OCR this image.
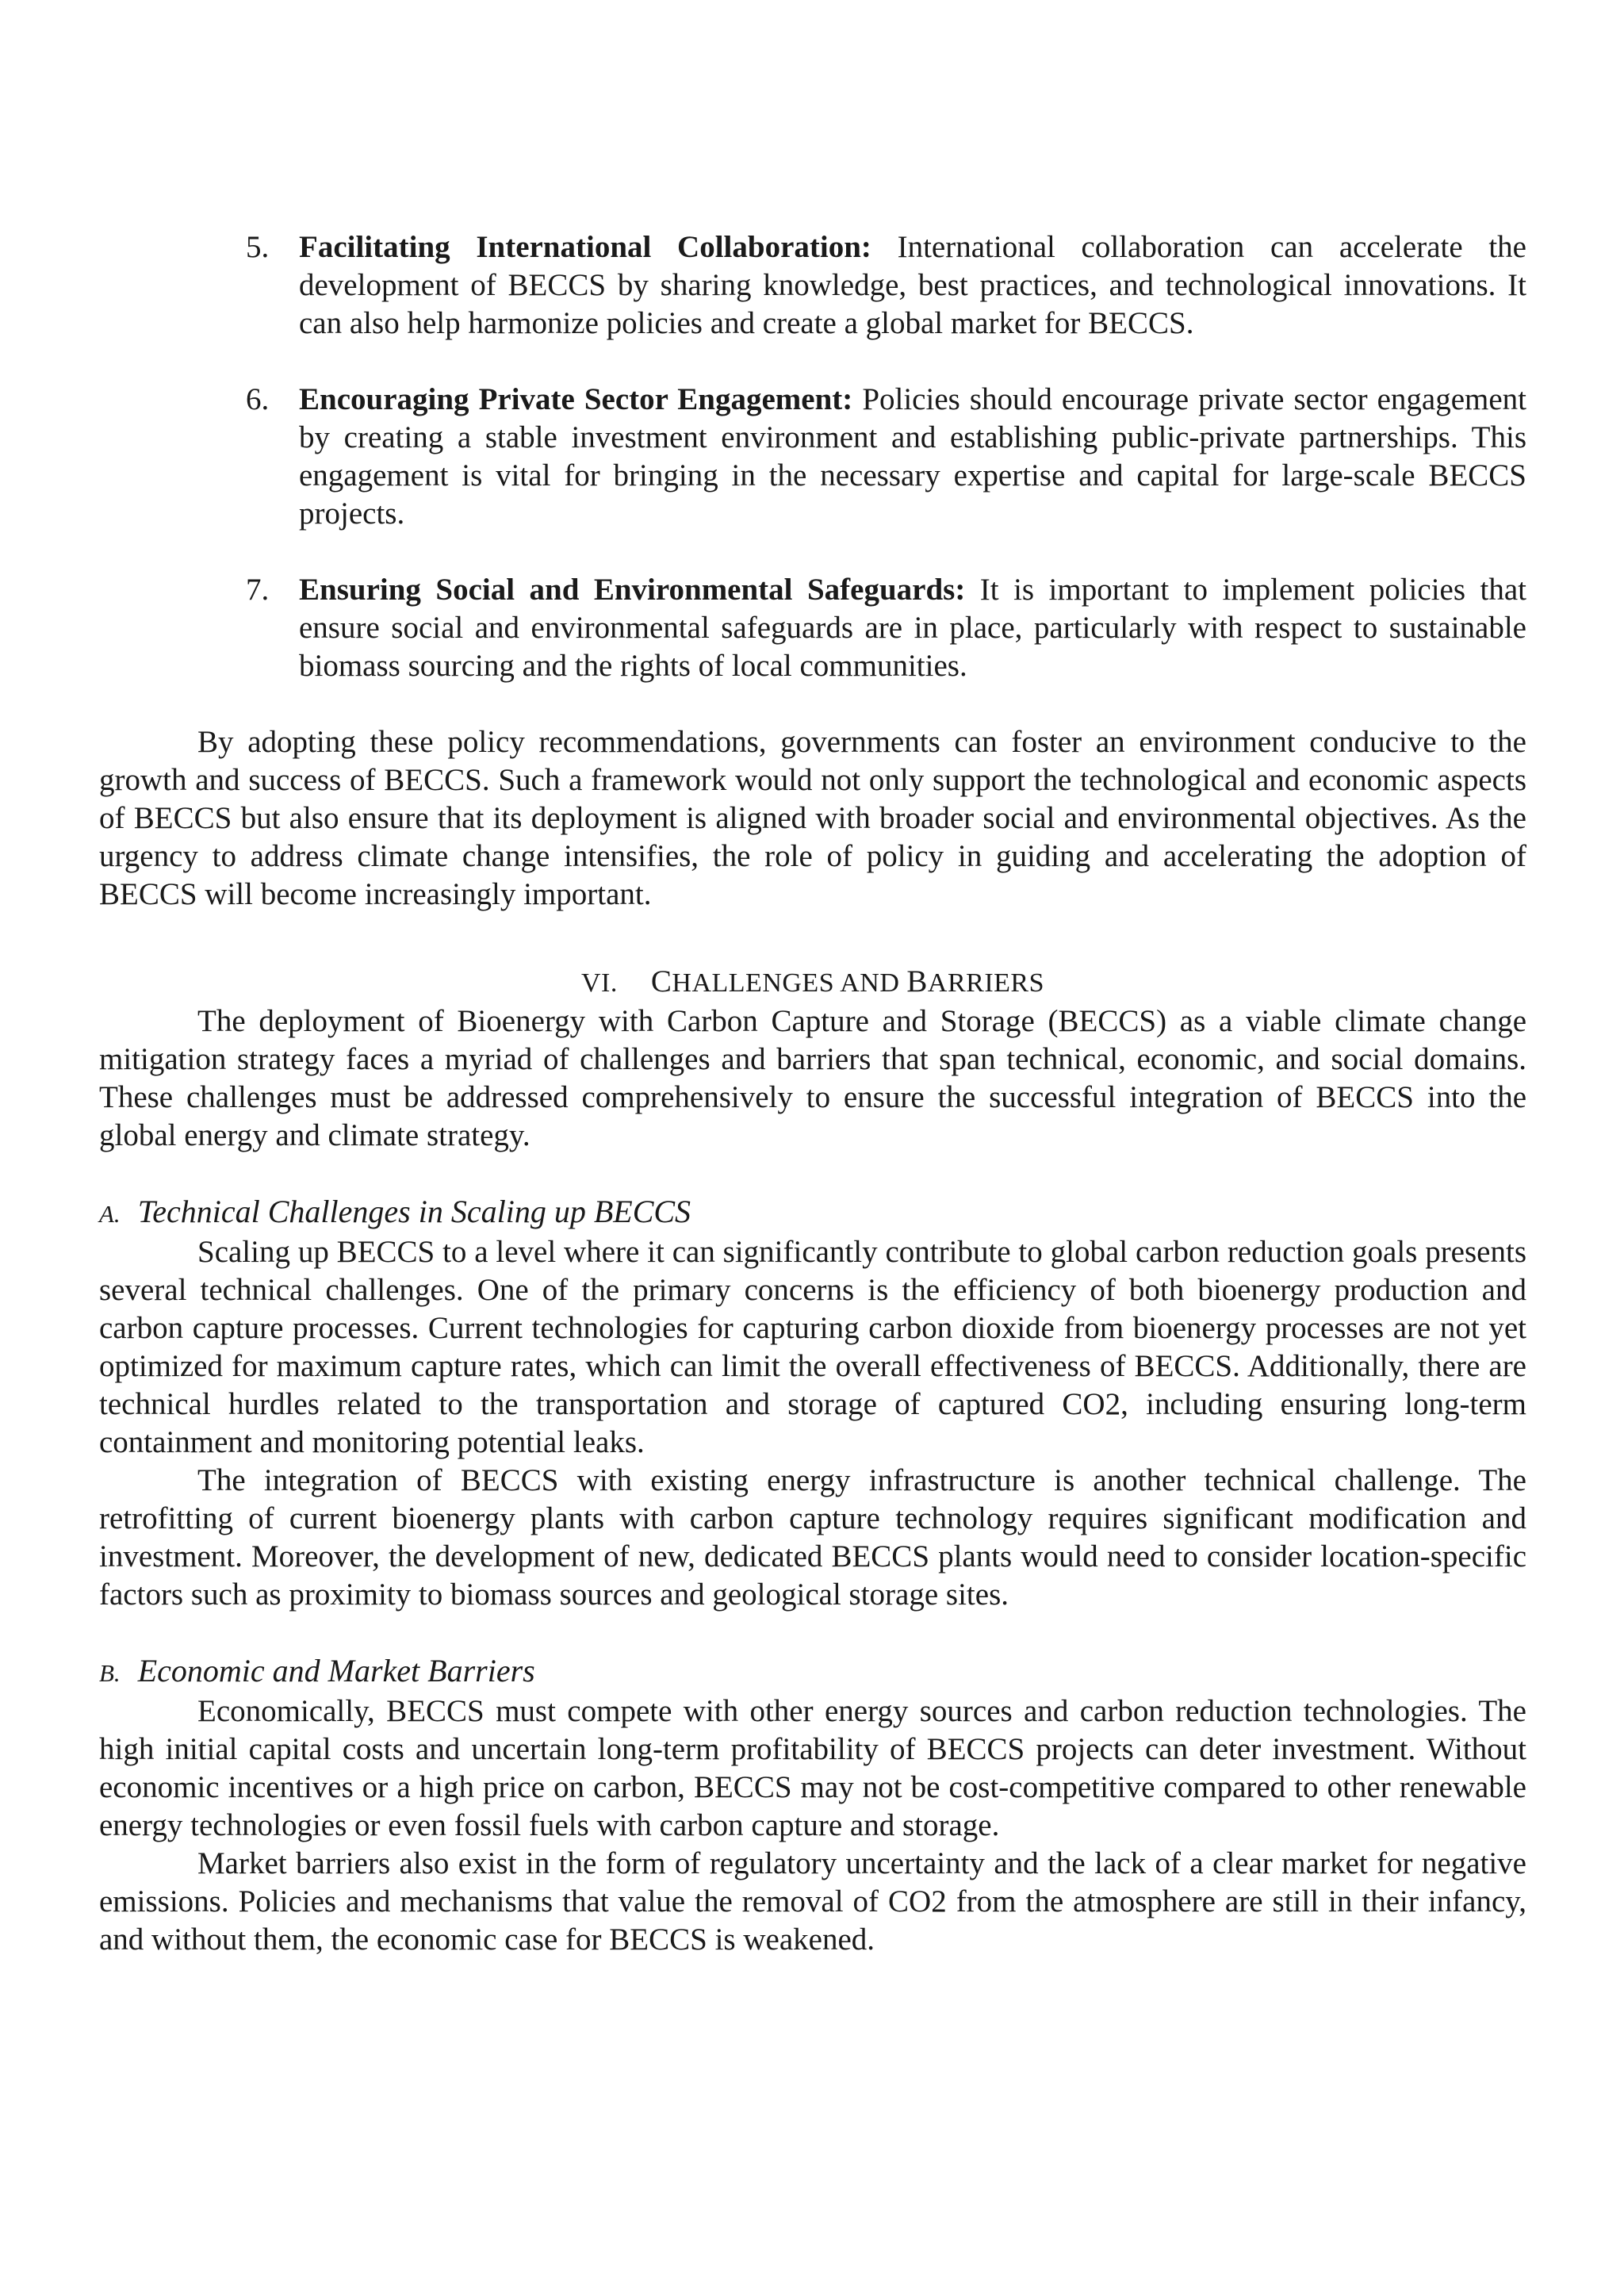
5. Facilitating International Collaboration: International collaboration can accelerate the development of BECCS by sharing knowledge, best practices, and technological innovations. It can also help harmonize policies and create a global market for BECCS.
6. Encouraging Private Sector Engagement: Policies should encourage private sector engagement by creating a stable investment environment and establishing public-private partnerships. This engagement is vital for bringing in the necessary expertise and capital for large-scale BECCS projects.
7. Ensuring Social and Environmental Safeguards: It is important to implement policies that ensure social and environmental safeguards are in place, particularly with respect to sustainable biomass sourcing and the rights of local communities.

By adopting these policy recommendations, governments can foster an environment conducive to the growth and success of BECCS. Such a framework would not only support the technological and economic aspects of BECCS but also ensure that its deployment is aligned with broader social and environmental objectives. As the urgency to address climate change intensifies, the role of policy in guiding and accelerating the adoption of BECCS will become increasingly important.

VI. CHALLENGES AND BARRIERS

The deployment of Bioenergy with Carbon Capture and Storage (BECCS) as a viable climate change mitigation strategy faces a myriad of challenges and barriers that span technical, economic, and social domains. These challenges must be addressed comprehensively to ensure the successful integration of BECCS into the global energy and climate strategy.

A. Technical Challenges in Scaling up BECCS

Scaling up BECCS to a level where it can significantly contribute to global carbon reduction goals presents several technical challenges. One of the primary concerns is the efficiency of both bioenergy production and carbon capture processes. Current technologies for capturing carbon dioxide from bioenergy processes are not yet optimized for maximum capture rates, which can limit the overall effectiveness of BECCS. Additionally, there are technical hurdles related to the transportation and storage of captured CO2, including ensuring long-term containment and monitoring potential leaks.

The integration of BECCS with existing energy infrastructure is another technical challenge. The retrofitting of current bioenergy plants with carbon capture technology requires significant modification and investment. Moreover, the development of new, dedicated BECCS plants would need to consider location-specific factors such as proximity to biomass sources and geological storage sites.

B. Economic and Market Barriers

Economically, BECCS must compete with other energy sources and carbon reduction technologies. The high initial capital costs and uncertain long-term profitability of BECCS projects can deter investment. Without economic incentives or a high price on carbon, BECCS may not be cost-competitive compared to other renewable energy technologies or even fossil fuels with carbon capture and storage.

Market barriers also exist in the form of regulatory uncertainty and the lack of a clear market for negative emissions. Policies and mechanisms that value the removal of CO2 from the atmosphere are still in their infancy, and without them, the economic case for BECCS is weakened.
